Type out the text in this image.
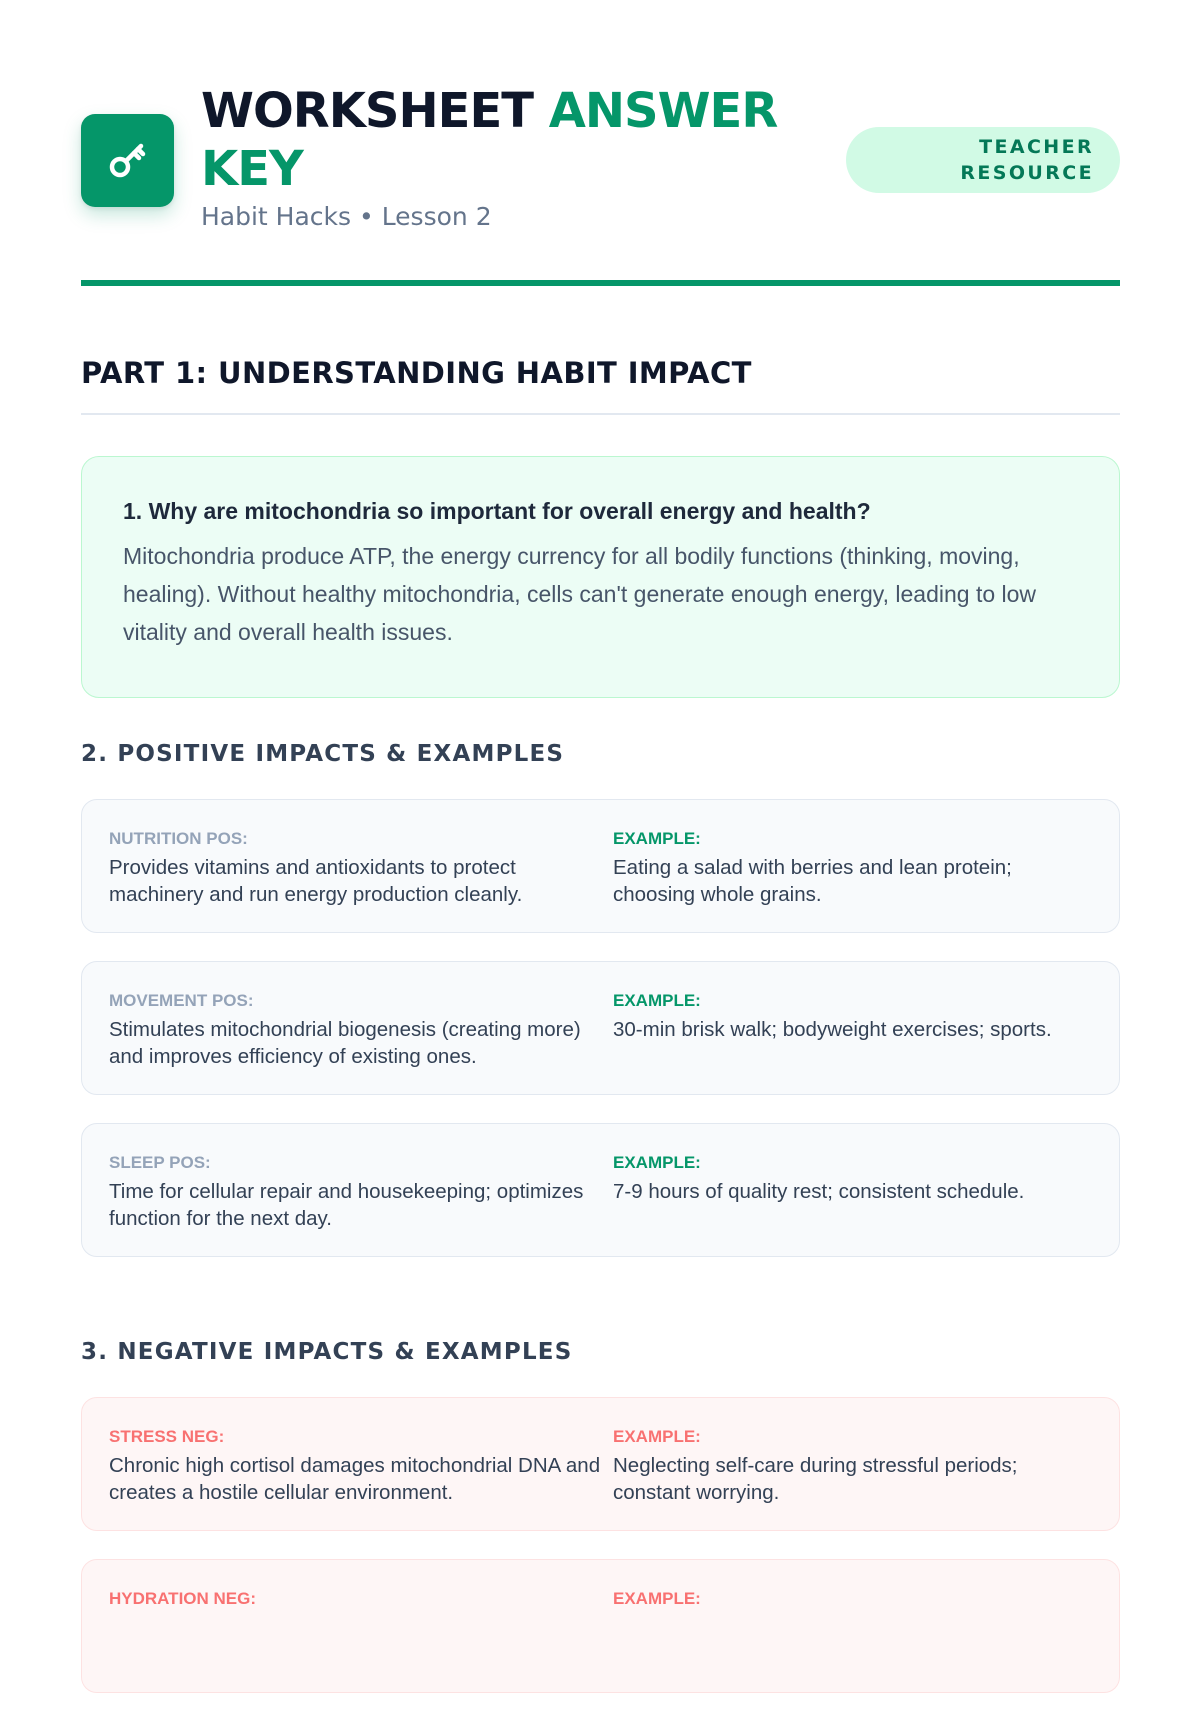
WORKSHEET ANSWER KEY
Habit Hacks • Lesson 2
TEACHER RESOURCE
PART 1: UNDERSTANDING HABIT IMPACT

1. Why are mitochondria so important for overall energy and health?

Mitochondria produce ATP, the energy currency for all bodily functions (thinking, moving, healing). Without healthy mitochondria, cells can't generate enough energy, leading to low vitality and overall health issues.

2. POSITIVE IMPACTS & EXAMPLES
NUTRITION POS:
Provides vitamins and antioxidants to protect machinery and run energy production cleanly.
EXAMPLE:
Eating a salad with berries and lean protein; choosing whole grains.
MOVEMENT POS:
Stimulates mitochondrial biogenesis (creating more) and improves efficiency of existing ones.
EXAMPLE:
30-min brisk walk; bodyweight exercises; sports.
SLEEP POS:
Time for cellular repair and housekeeping; optimizes function for the next day.
EXAMPLE:
7-9 hours of quality rest; consistent schedule.
3. NEGATIVE IMPACTS & EXAMPLES
STRESS NEG:
Chronic high cortisol damages mitochondrial DNA and creates a hostile cellular environment.
EXAMPLE:
Neglecting self-care during stressful periods; constant worrying.
HYDRATION NEG:	EXAMPLE:
